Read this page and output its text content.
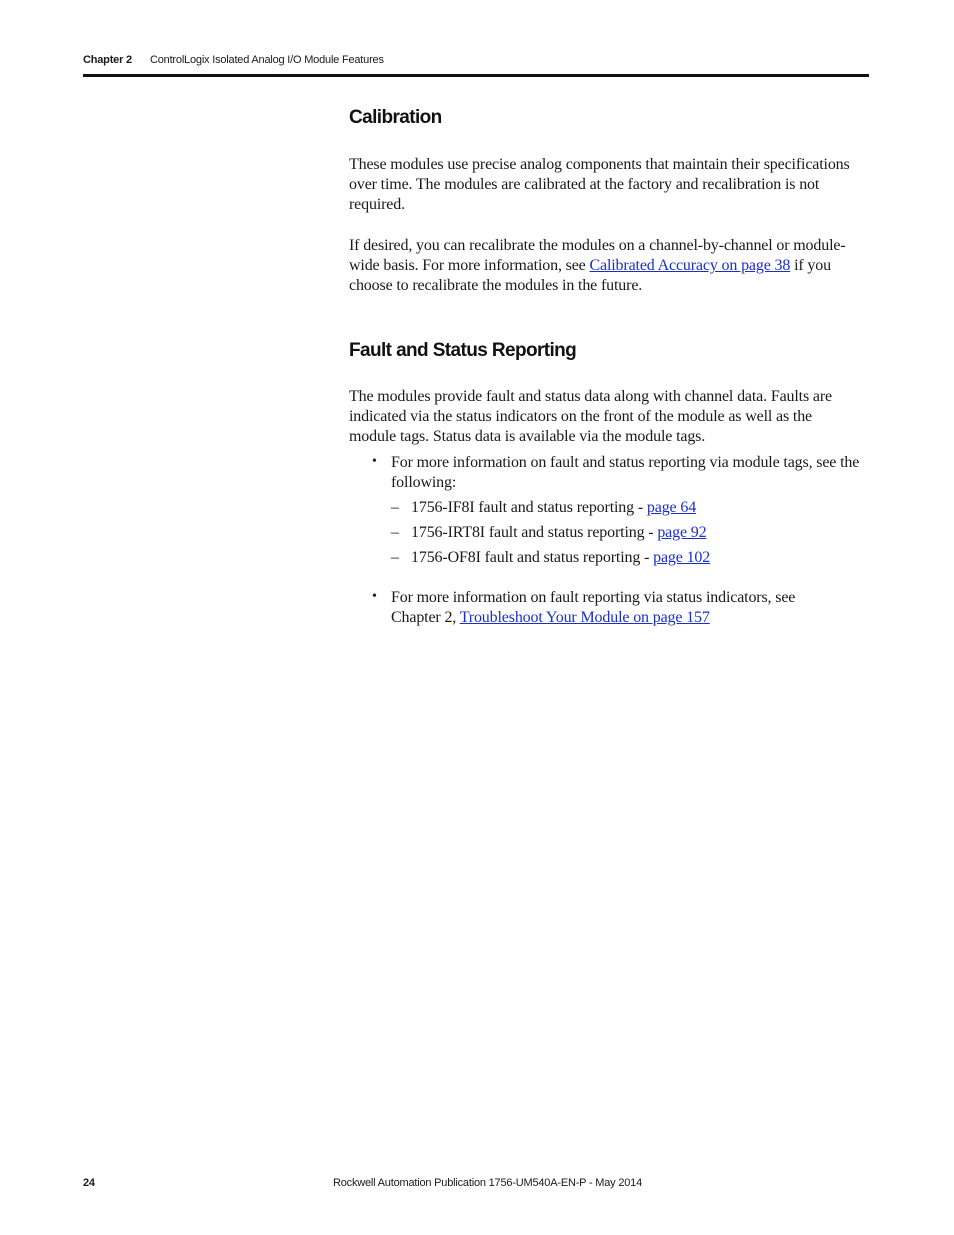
Chapter 2 ControlLogix Isolated Analog I/O Module Features
Calibration

These modules use precise analog components that maintain their specifications
over time. The modules are calibrated at the factory and recalibration is not
required.

If desired, you can recalibrate the modules on a channel-by-channel or module-
wide basis. For more information, see Calibrated Accuracy on page 38 if you
choose to recalibrate the modules in the future.

Fault and Status Reporting

The modules provide fault and status data along with channel data. Faults are
indicated via the status indicators on the front of the module as well as the
module tags. Status data is available via the module tags.

• For more information on fault and status reporting via module tags, see the
following:
– 1756-IF8I fault and status reporting - page 64
– 1756-IRT8I fault and status reporting - page 92
– 1756-OF8I fault and status reporting - page 102
• For more information on fault reporting via status indicators, see
Chapter 2, Troubleshoot Your Module on page 157
24	Rockwell Automation Publication 1756-UM540A-EN-P - May 2014
